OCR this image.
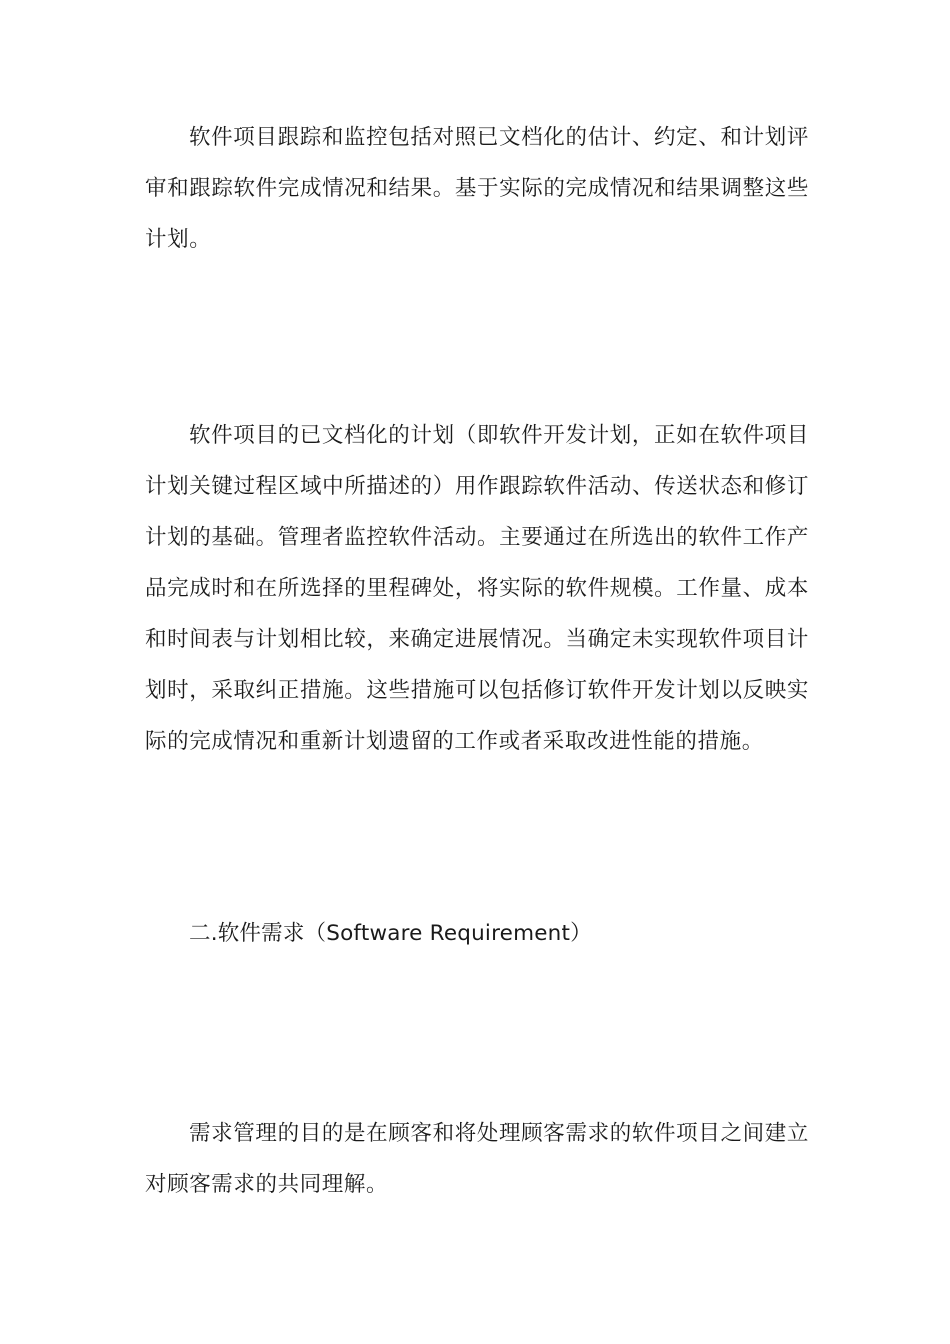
软件项目跟踪和监控包括对照已文档化的估计、约定、和计划评审和跟踪软件完成情况和结果。基于实际的完成情况和结果调整这些计划。

软件项目的已文档化的计划（即软件开发计划，正如在软件项目计划关键过程区域中所描述的）用作跟踪软件活动、传送状态和修订计划的基础。管理者监控软件活动。主要通过在所选出的软件工作产品完成时和在所选择的里程碑处，将实际的软件规模。工作量、成本和时间表与计划相比较，来确定进展情况。当确定未实现软件项目计划时，采取纠正措施。这些措施可以包括修订软件开发计划以反映实际的完成情况和重新计划遗留的工作或者采取改进性能的措施。

二.软件需求（Software Requirement）

需求管理的目的是在顾客和将处理顾客需求的软件项目之间建立对顾客需求的共同理解。
